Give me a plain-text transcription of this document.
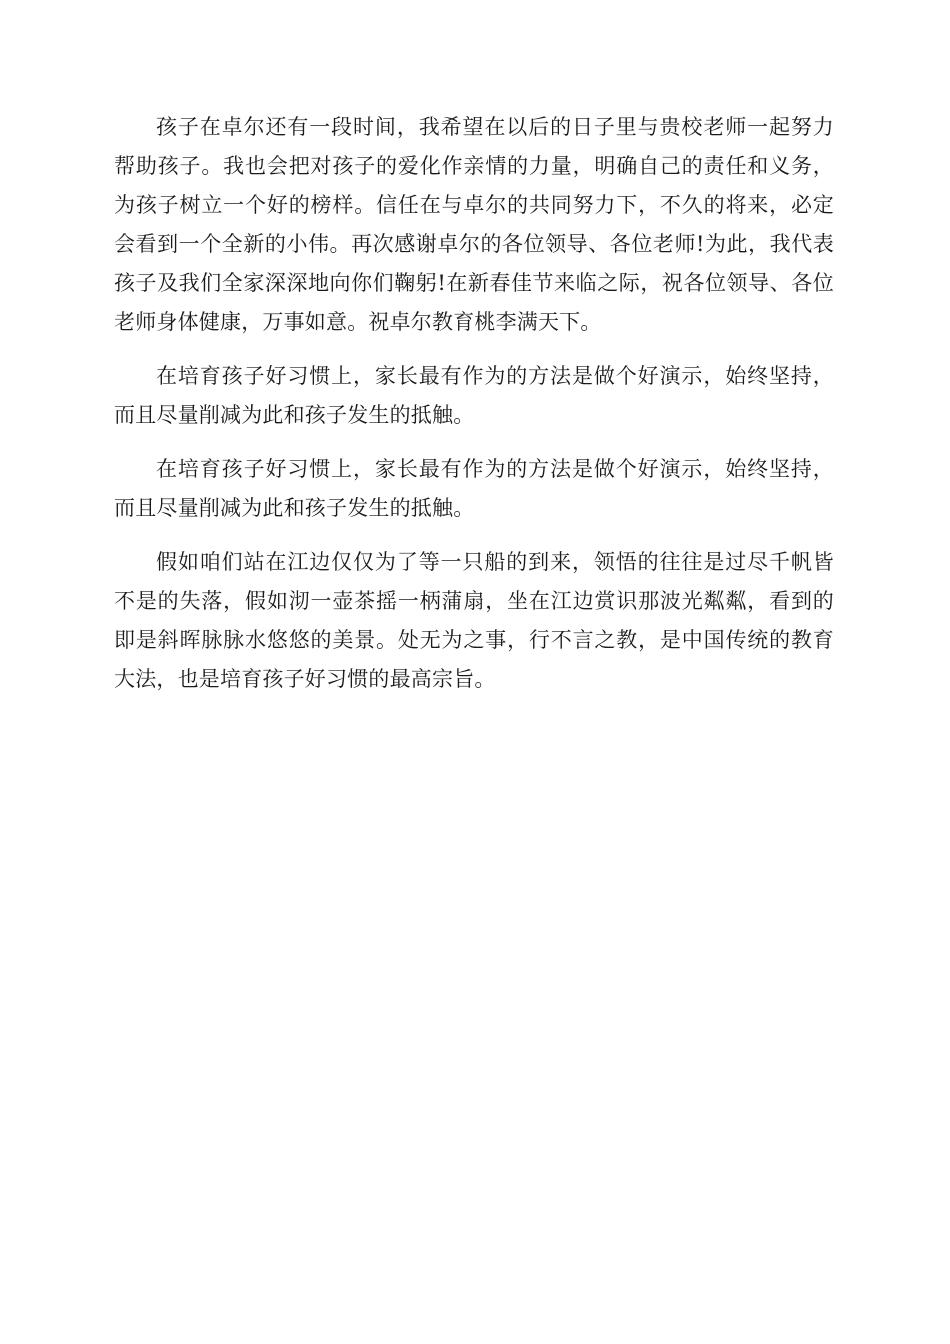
孩子在卓尔还有一段时间，我希望在以后的日子里与贵校老师一起努力帮助孩子。我也会把对孩子的爱化作亲情的力量，明确自己的责任和义务，为孩子树立一个好的榜样。信任在与卓尔的共同努力下，不久的将来，必定会看到一个全新的小伟。再次感谢卓尔的各位领导、各位老师!为此，我代表孩子及我们全家深深地向你们鞠躬!在新春佳节来临之际，祝各位领导、各位老师身体健康，万事如意。祝卓尔教育桃李满天下。

在培育孩子好习惯上，家长最有作为的方法是做个好演示，始终坚持，而且尽量削减为此和孩子发生的抵触。

在培育孩子好习惯上，家长最有作为的方法是做个好演示，始终坚持，而且尽量削减为此和孩子发生的抵触。

假如咱们站在江边仅仅为了等一只船的到来，领悟的往往是过尽千帆皆不是的失落，假如沏一壶茶摇一柄蒲扇，坐在江边赏识那波光粼粼，看到的即是斜晖脉脉水悠悠的美景。处无为之事，行不言之教，是中国传统的教育大法，也是培育孩子好习惯的最高宗旨。
